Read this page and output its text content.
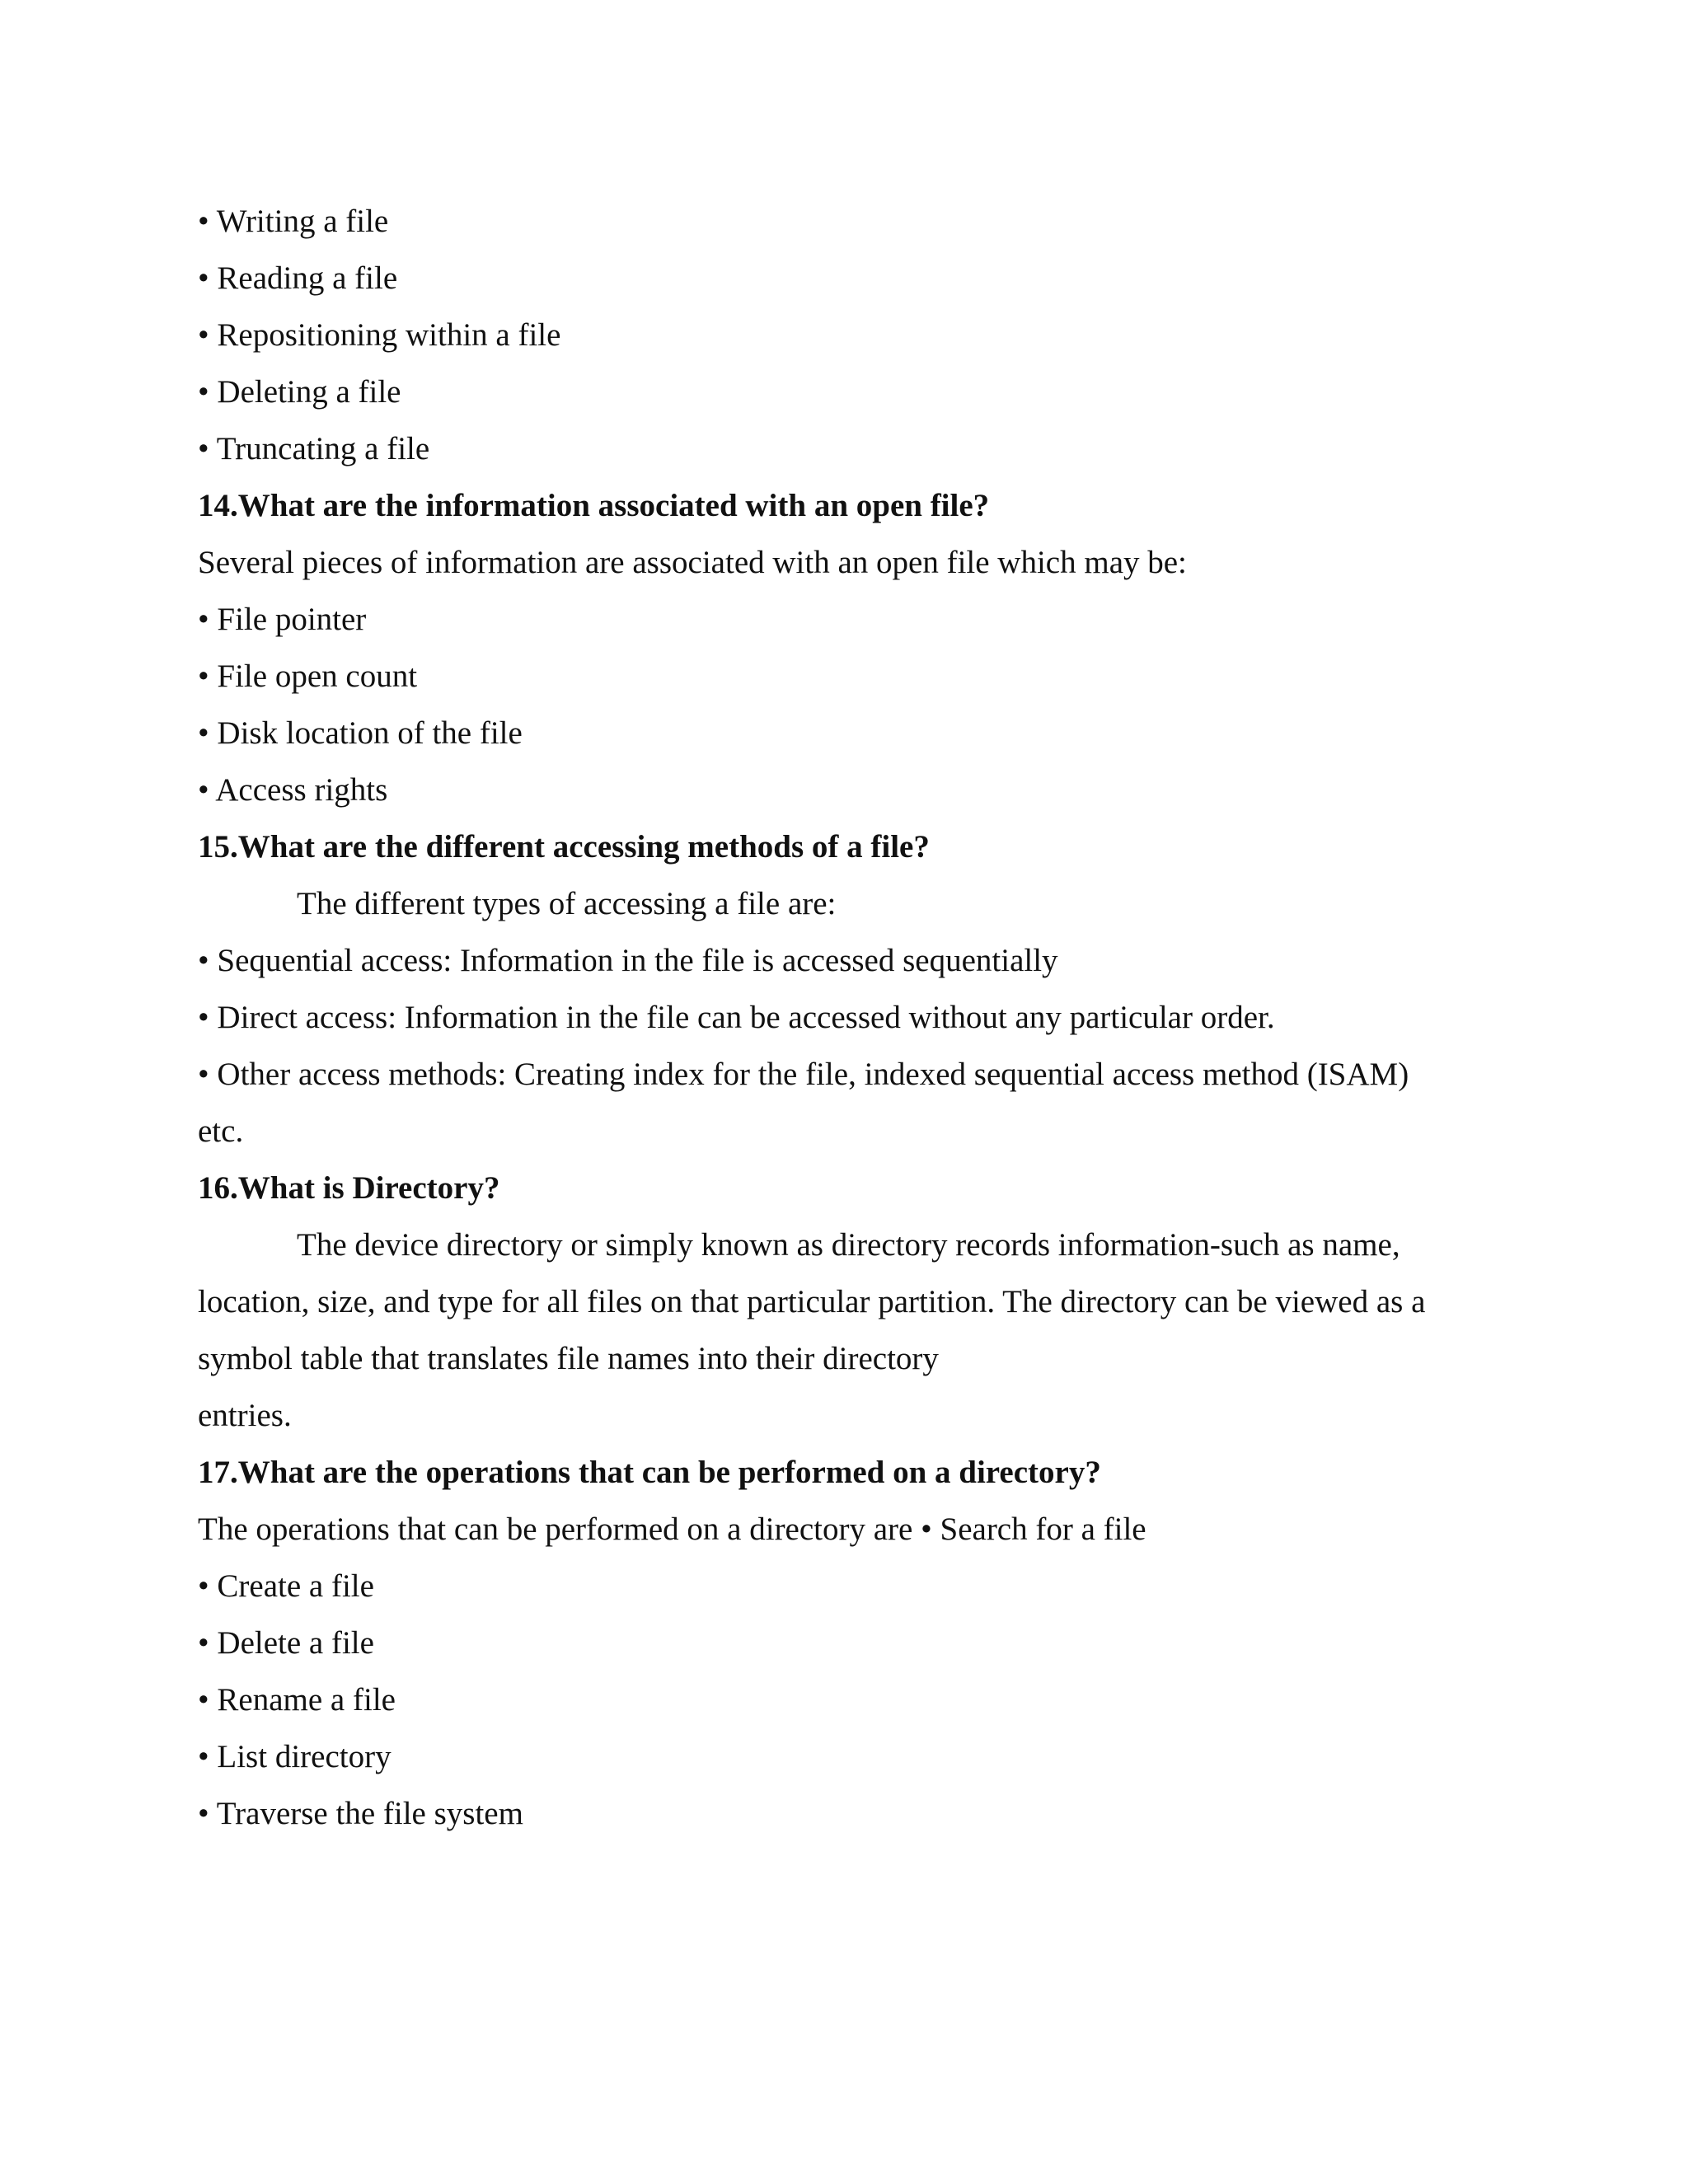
• Writing a file
• Reading a file
• Repositioning within a file
• Deleting a file
• Truncating a file
14.What are the information associated with an open file?
Several pieces of information are associated with an open file which may be:
• File pointer
• File open count
• Disk location of the file
• Access rights
15.What are the different accessing methods of a file?
The different types of accessing a file are:
• Sequential access: Information in the file is accessed sequentially
• Direct access: Information in the file can be accessed without any particular order.
• Other access methods: Creating index for the file, indexed sequential access method (ISAM)
etc.
16.What is Directory?
The device directory or simply known as directory records information-such as name,
location, size, and type for all files on that particular partition. The directory can be viewed as a
symbol table that translates file names into their directory
entries.
17.What are the operations that can be performed on a directory?
The operations that can be performed on a directory are • Search for a file
• Create a file
• Delete a file
• Rename a file
• List directory
• Traverse the file system
